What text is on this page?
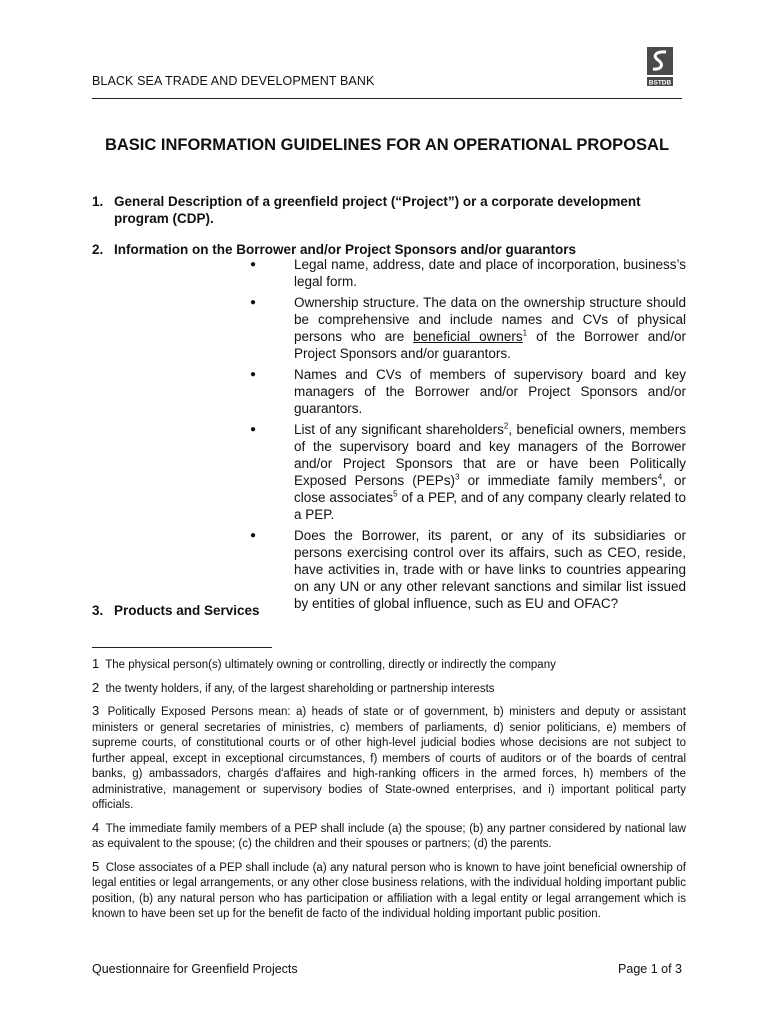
BLACK SEA TRADE AND DEVELOPMENT BANK	BSTDB
BASIC INFORMATION GUIDELINES FOR AN OPERATIONAL PROPOSAL
1. General Description of a greenfield project (“Project”) or a corporate development program (CDP).
2. Information on the Borrower and/or Project Sponsors and/or guarantors
●	Legal name, address, date and place of incorporation, business’s legal form.
●	Ownership structure. The data on the ownership structure should be comprehensive and include names and CVs of physical persons who are beneficial owners$^1$ of the Borrower and/or Project Sponsors and/or guarantors.
●	Names and CVs of members of supervisory board and key managers of the Borrower and/or Project Sponsors and/or guarantors.
●	List of any significant shareholders$^2$, beneficial owners, members of the supervisory board and key managers of the Borrower and/or Project Sponsors that are or have been Politically Exposed Persons (PEPs)$^3$ or immediate family members$^4$, or close associates$^5$ of a PEP, and of any company clearly related to a PEP.
●	Does the Borrower, its parent, or any of its subsidiaries or persons exercising control over its affairs, such as CEO, reside, have activities in, trade with or have links to countries appearing on any UN or any other relevant sanctions and similar list issued by entities of global influence, such as EU and OFAC?
3. Products and Services

1 The physical person(s) ultimately owning or controlling, directly or indirectly the company

2 the twenty holders, if any, of the largest shareholding or partnership interests

3 Politically Exposed Persons mean: a) heads of state or of government, b) ministers and deputy or assistant ministers or general secretaries of ministries, c) members of parliaments, d) senior politicians, e) members of supreme courts, of constitutional courts or of other high-level judicial bodies whose decisions are not subject to further appeal, except in exceptional circumstances, f) members of courts of auditors or of the boards of central banks, g) ambassadors, chargés d'affaires and high-ranking officers in the armed forces, h) members of the administrative, management or supervisory bodies of State-owned enterprises, and i) important political party officials.

4 The immediate family members of a PEP shall include (a) the spouse; (b) any partner considered by national law as equivalent to the spouse; (c) the children and their spouses or partners; (d) the parents.

5 Close associates of a PEP shall include (a) any natural person who is known to have joint beneficial ownership of legal entities or legal arrangements, or any other close business relations, with the individual holding important public position, (b) any natural person who has participation or affiliation with a legal entity or legal arrangement which is known to have been set up for the benefit de facto of the individual holding important public position.

Questionnaire for Greenfield Projects	Page 1 of 3
